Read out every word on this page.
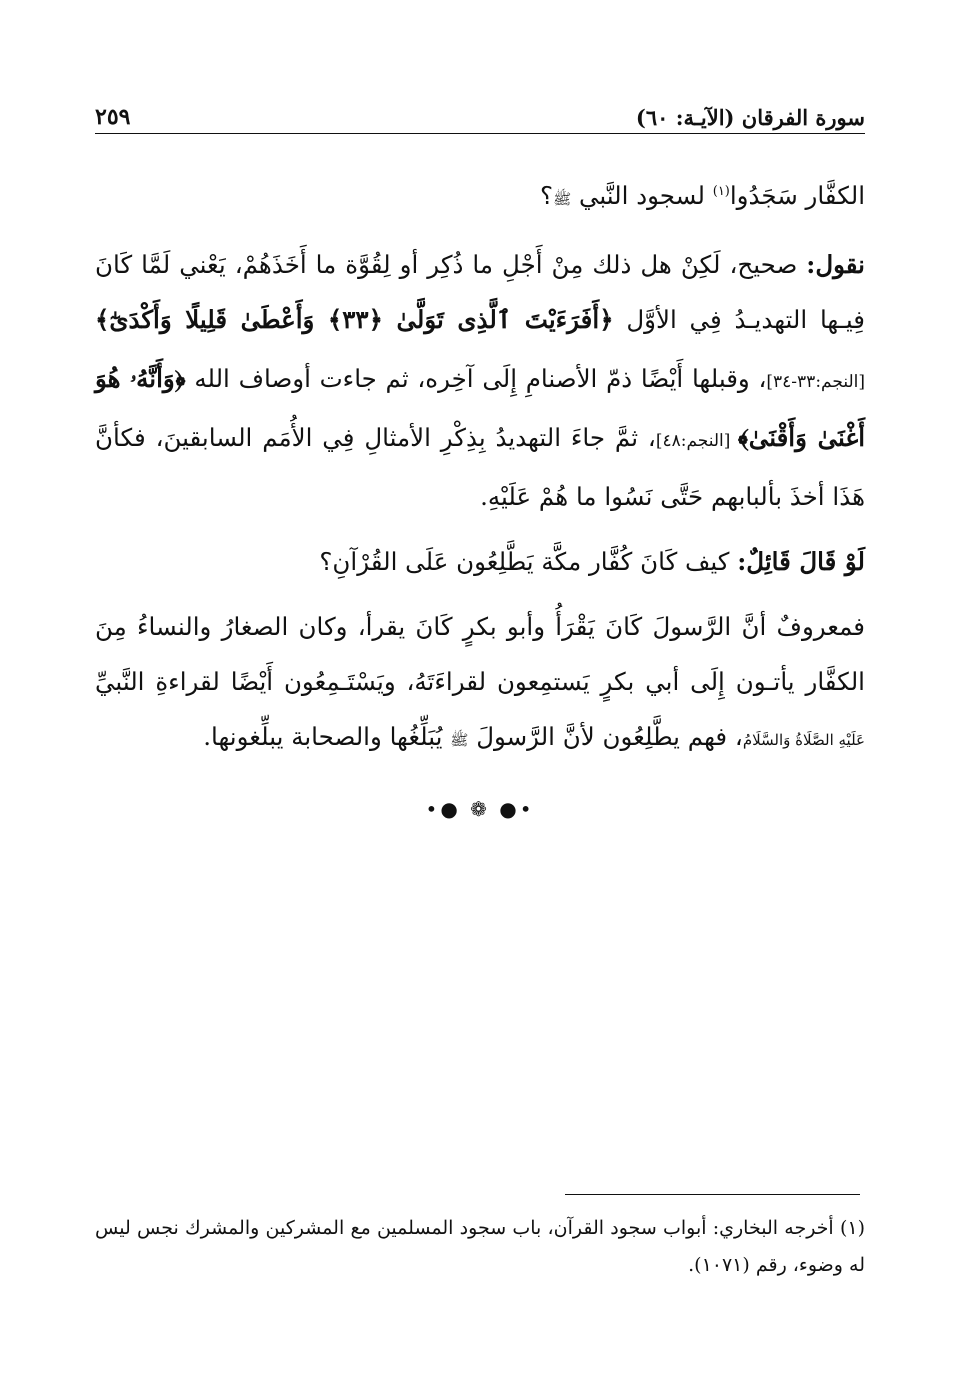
سورة الفرقان (الآيـة: ٦٠)
٢٥٩

الكفَّار سَجَدُوا$^{(١)}$ لسجود النَّبي ﷺ؟

نقول: صحيح، لَكِنْ هل ذلك مِنْ أَجْلِ ما ذُكِر أو لِقُوَّة ما أَخَذَهُمْ، يَعْني لَمَّا كَانَ فِيـها التهديـدُ فِي الأوَّل ﴿أَفَرَءَيْتَ ٱلَّذِى تَوَلَّىٰ ﴿٣٣﴾ وَأَعْطَىٰ قَلِيلًا وَأَكْدَىٰٓ﴾ [النجم:٣٣-٣٤]، وقبلها أَيْضًا ذمّ الأصنامِ إِلَى آخِره، ثم جاءت أوصاف الله ﴿وَأَنَّهُۥ هُوَ أَغْنَىٰ وَأَقْنَىٰ﴾ [النجم:٤٨]، ثمَّ جاءَ التهديدُ بِذِكْرِ الأمثالِ فِي الأُمَم السابقينَ، فكأنَّ هَذَا أخذَ بألبابهم حَتَّى نَسُوا ما هُمْ عَلَيْهِ.

لَوْ قَالَ قَائِلٌ: كيف كَانَ كُفَّار مكَّة يَطَّلِعُون عَلَى القُرْآنِ؟

فمعروفٌ أنَّ الرَّسولَ كَانَ يَقْرَأُ وأبو بكرٍ كَانَ يقرأ، وكان الصغارُ والنساءُ مِنَ الكفَّار يأتـون إِلَى أبي بكرٍ يَستمِعون لقراءَتَهُ، ويَسْتَـمِعُون أَيْضًا لقراءةِ النَّبيِّ عَلَيْهِ الصَّلَاةُ وَالسَّلَامُ، فهم يطَّلِعُون لأنَّ الرَّسولَ ﷺ يُبَلِّغُها والصحابة يبلِّغونها.

•● ❁ ●•

(١) أخرجه البخاري: أبواب سجود القرآن، باب سجود المسلمين مع المشركين والمشرك نجس ليس له وضوء، رقم (١٠٧١).
